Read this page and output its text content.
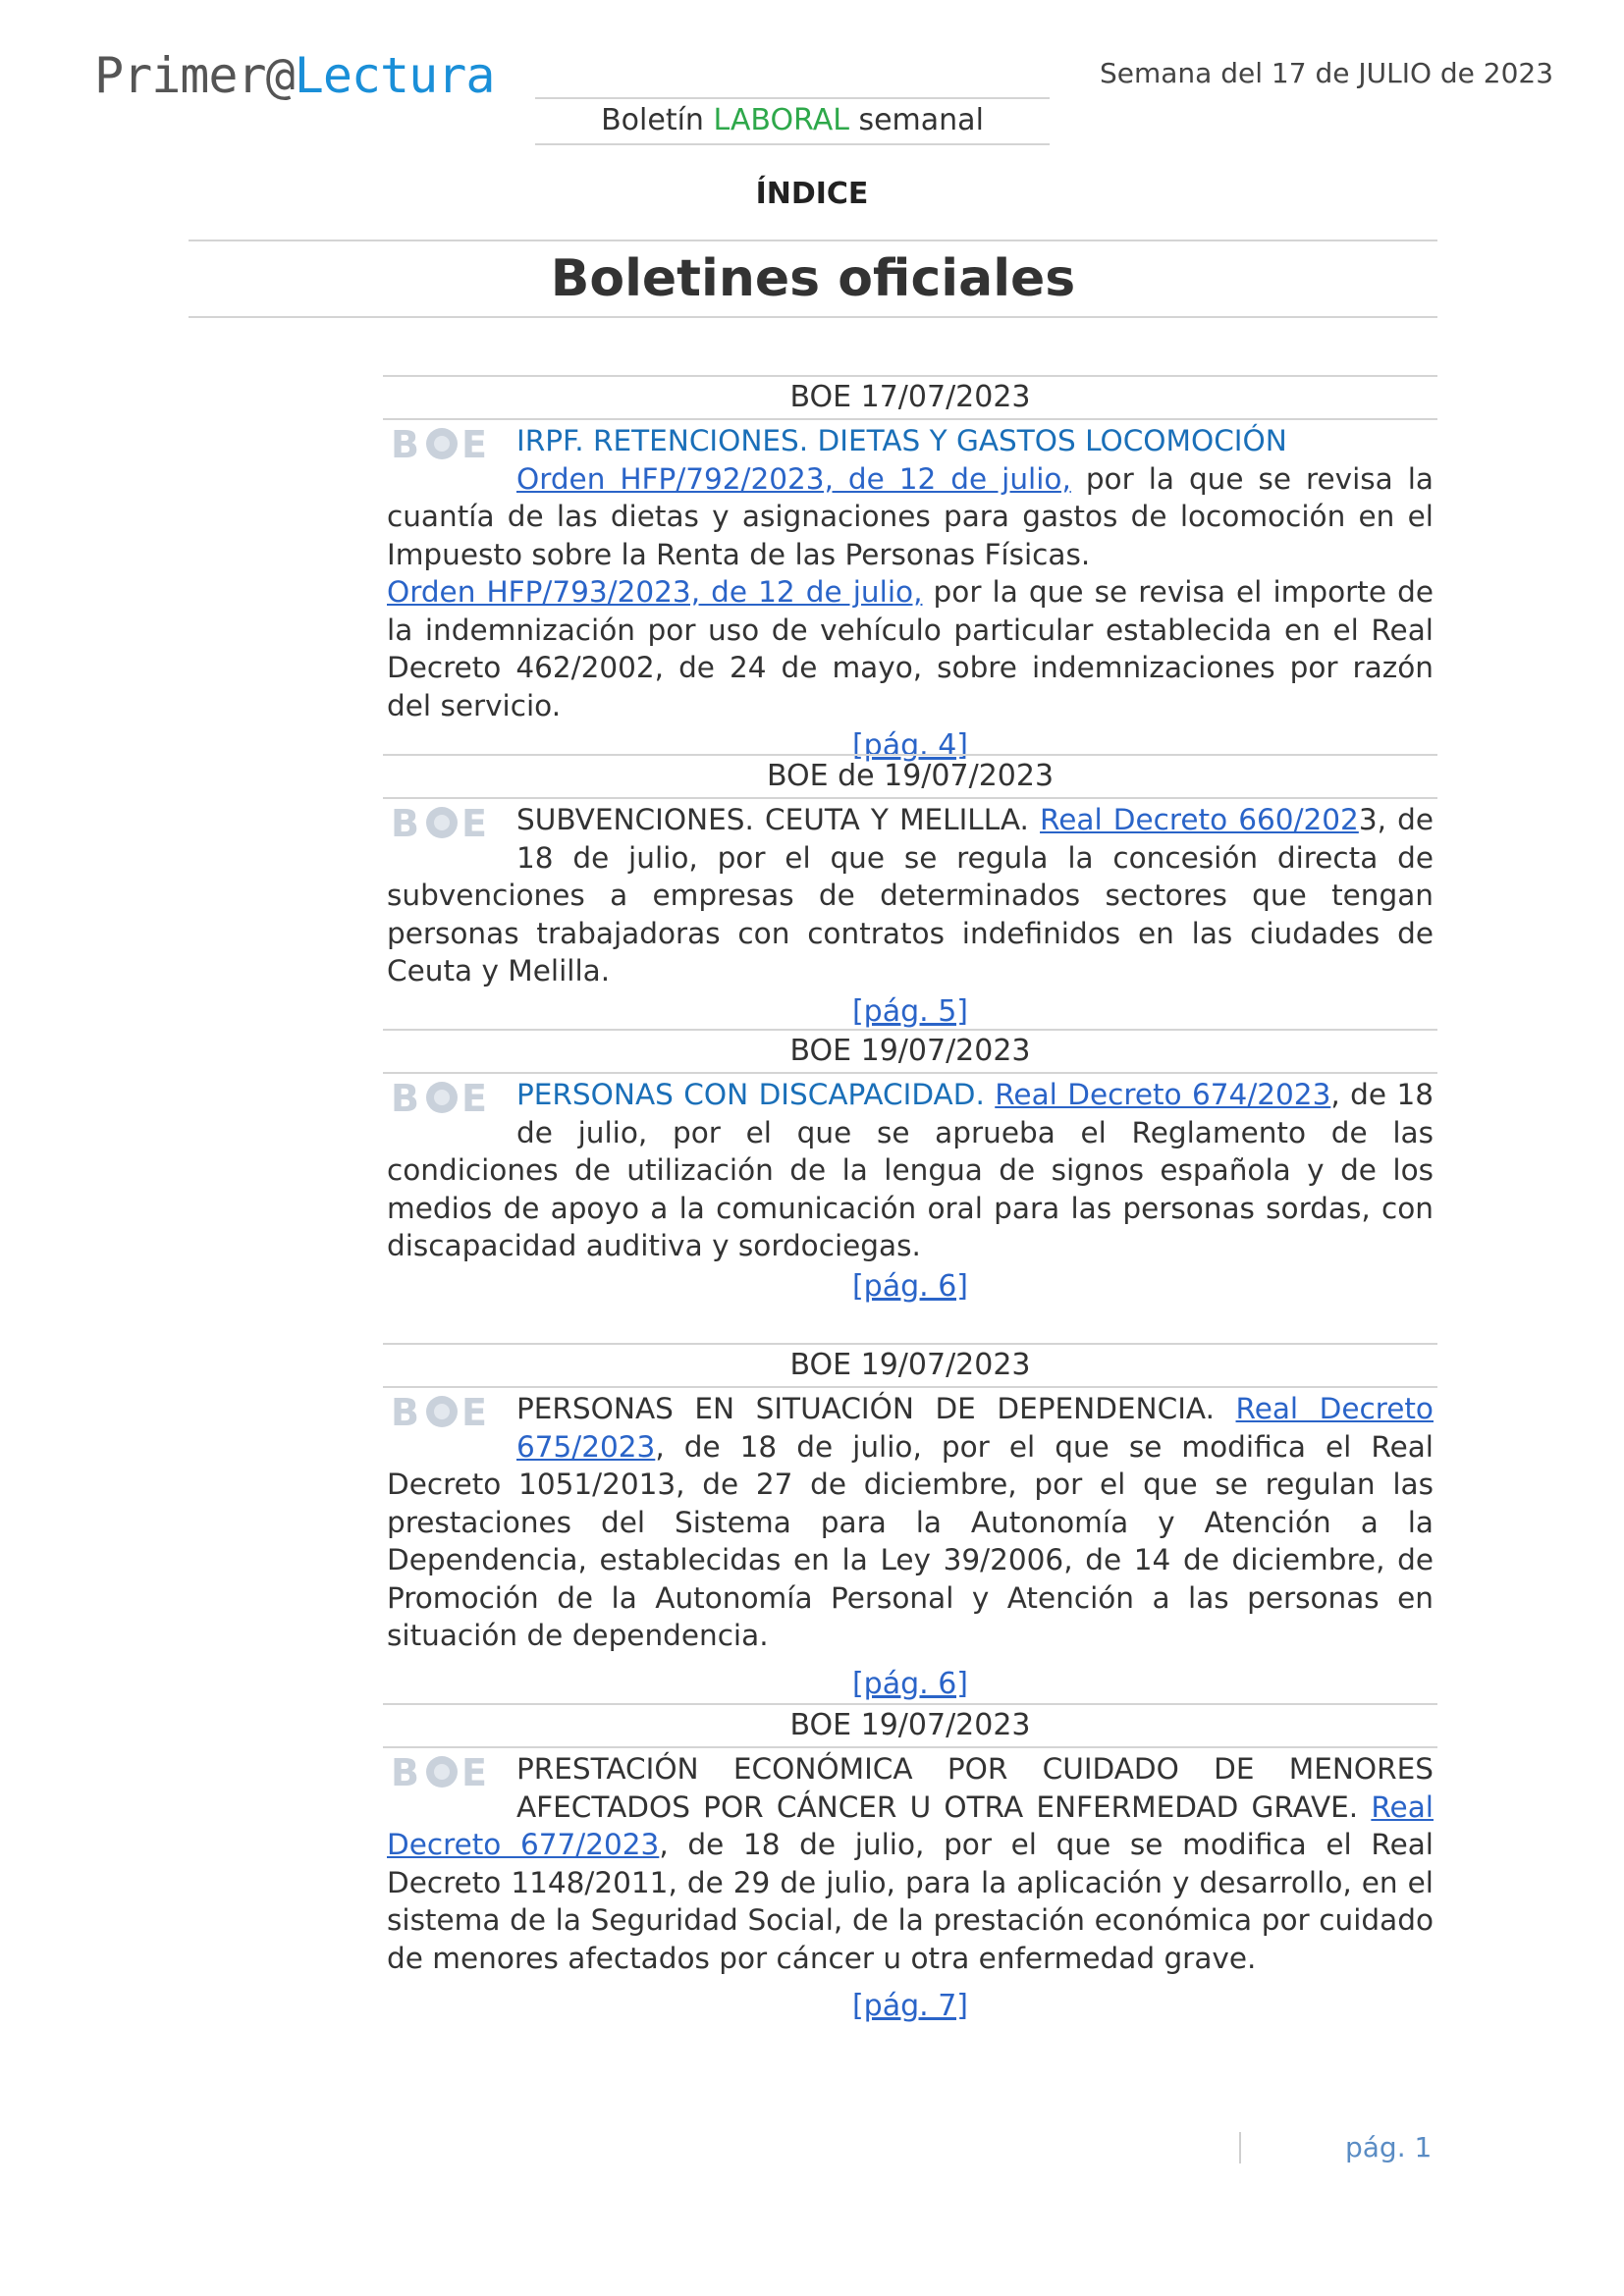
Primer@Lectura	Semana del 17 de JULIO de 2023
Boletín LABORAL semanal
ÍNDICE
Boletines oficiales
BOE 17/07/2023
IRPF. RETENCIONES. DIETAS Y GASTOS LOCOMOCIÓN
Orden HFP/792/2023, de 12 de julio, por la que se revisa la cuantía de las dietas y asignaciones para gastos de locomoción en el Impuesto sobre la Renta de las Personas Físicas.
Orden HFP/793/2023, de 12 de julio, por la que se revisa el importe de la indemnización por uso de vehículo particular establecida en el Real Decreto 462/2002, de 24 de mayo, sobre indemnizaciones por razón del servicio.
[pág. 4]
BOE de 19/07/2023
SUBVENCIONES. CEUTA Y MELILLA. Real Decreto 660/2023, de 18 de julio, por el que se regula la concesión directa de subvenciones a empresas de determinados sectores que tengan personas trabajadoras con contratos indefinidos en las ciudades de Ceuta y Melilla.
[pág. 5]
BOE 19/07/2023
PERSONAS CON DISCAPACIDAD. Real Decreto 674/2023, de 18 de julio, por el que se aprueba el Reglamento de las condiciones de utilización de la lengua de signos española y de los medios de apoyo a la comunicación oral para las personas sordas, con discapacidad auditiva y sordociegas.
[pág. 6]
BOE 19/07/2023
PERSONAS EN SITUACIÓN DE DEPENDENCIA. Real Decreto 675/2023, de 18 de julio, por el que se modifica el Real Decreto 1051/2013, de 27 de diciembre, por el que se regulan las prestaciones del Sistema para la Autonomía y Atención a la Dependencia, establecidas en la Ley 39/2006, de 14 de diciembre, de Promoción de la Autonomía Personal y Atención a las personas en situación de dependencia.
[pág. 6]
BOE 19/07/2023
PRESTACIÓN ECONÓMICA POR CUIDADO DE MENORES AFECTADOS POR CÁNCER U OTRA ENFERMEDAD GRAVE. Real Decreto 677/2023, de 18 de julio, por el que se modifica el Real Decreto 1148/2011, de 29 de julio, para la aplicación y desarrollo, en el sistema de la Seguridad Social, de la prestación económica por cuidado de menores afectados por cáncer u otra enfermedad grave.
[pág. 7]
pág. 1
